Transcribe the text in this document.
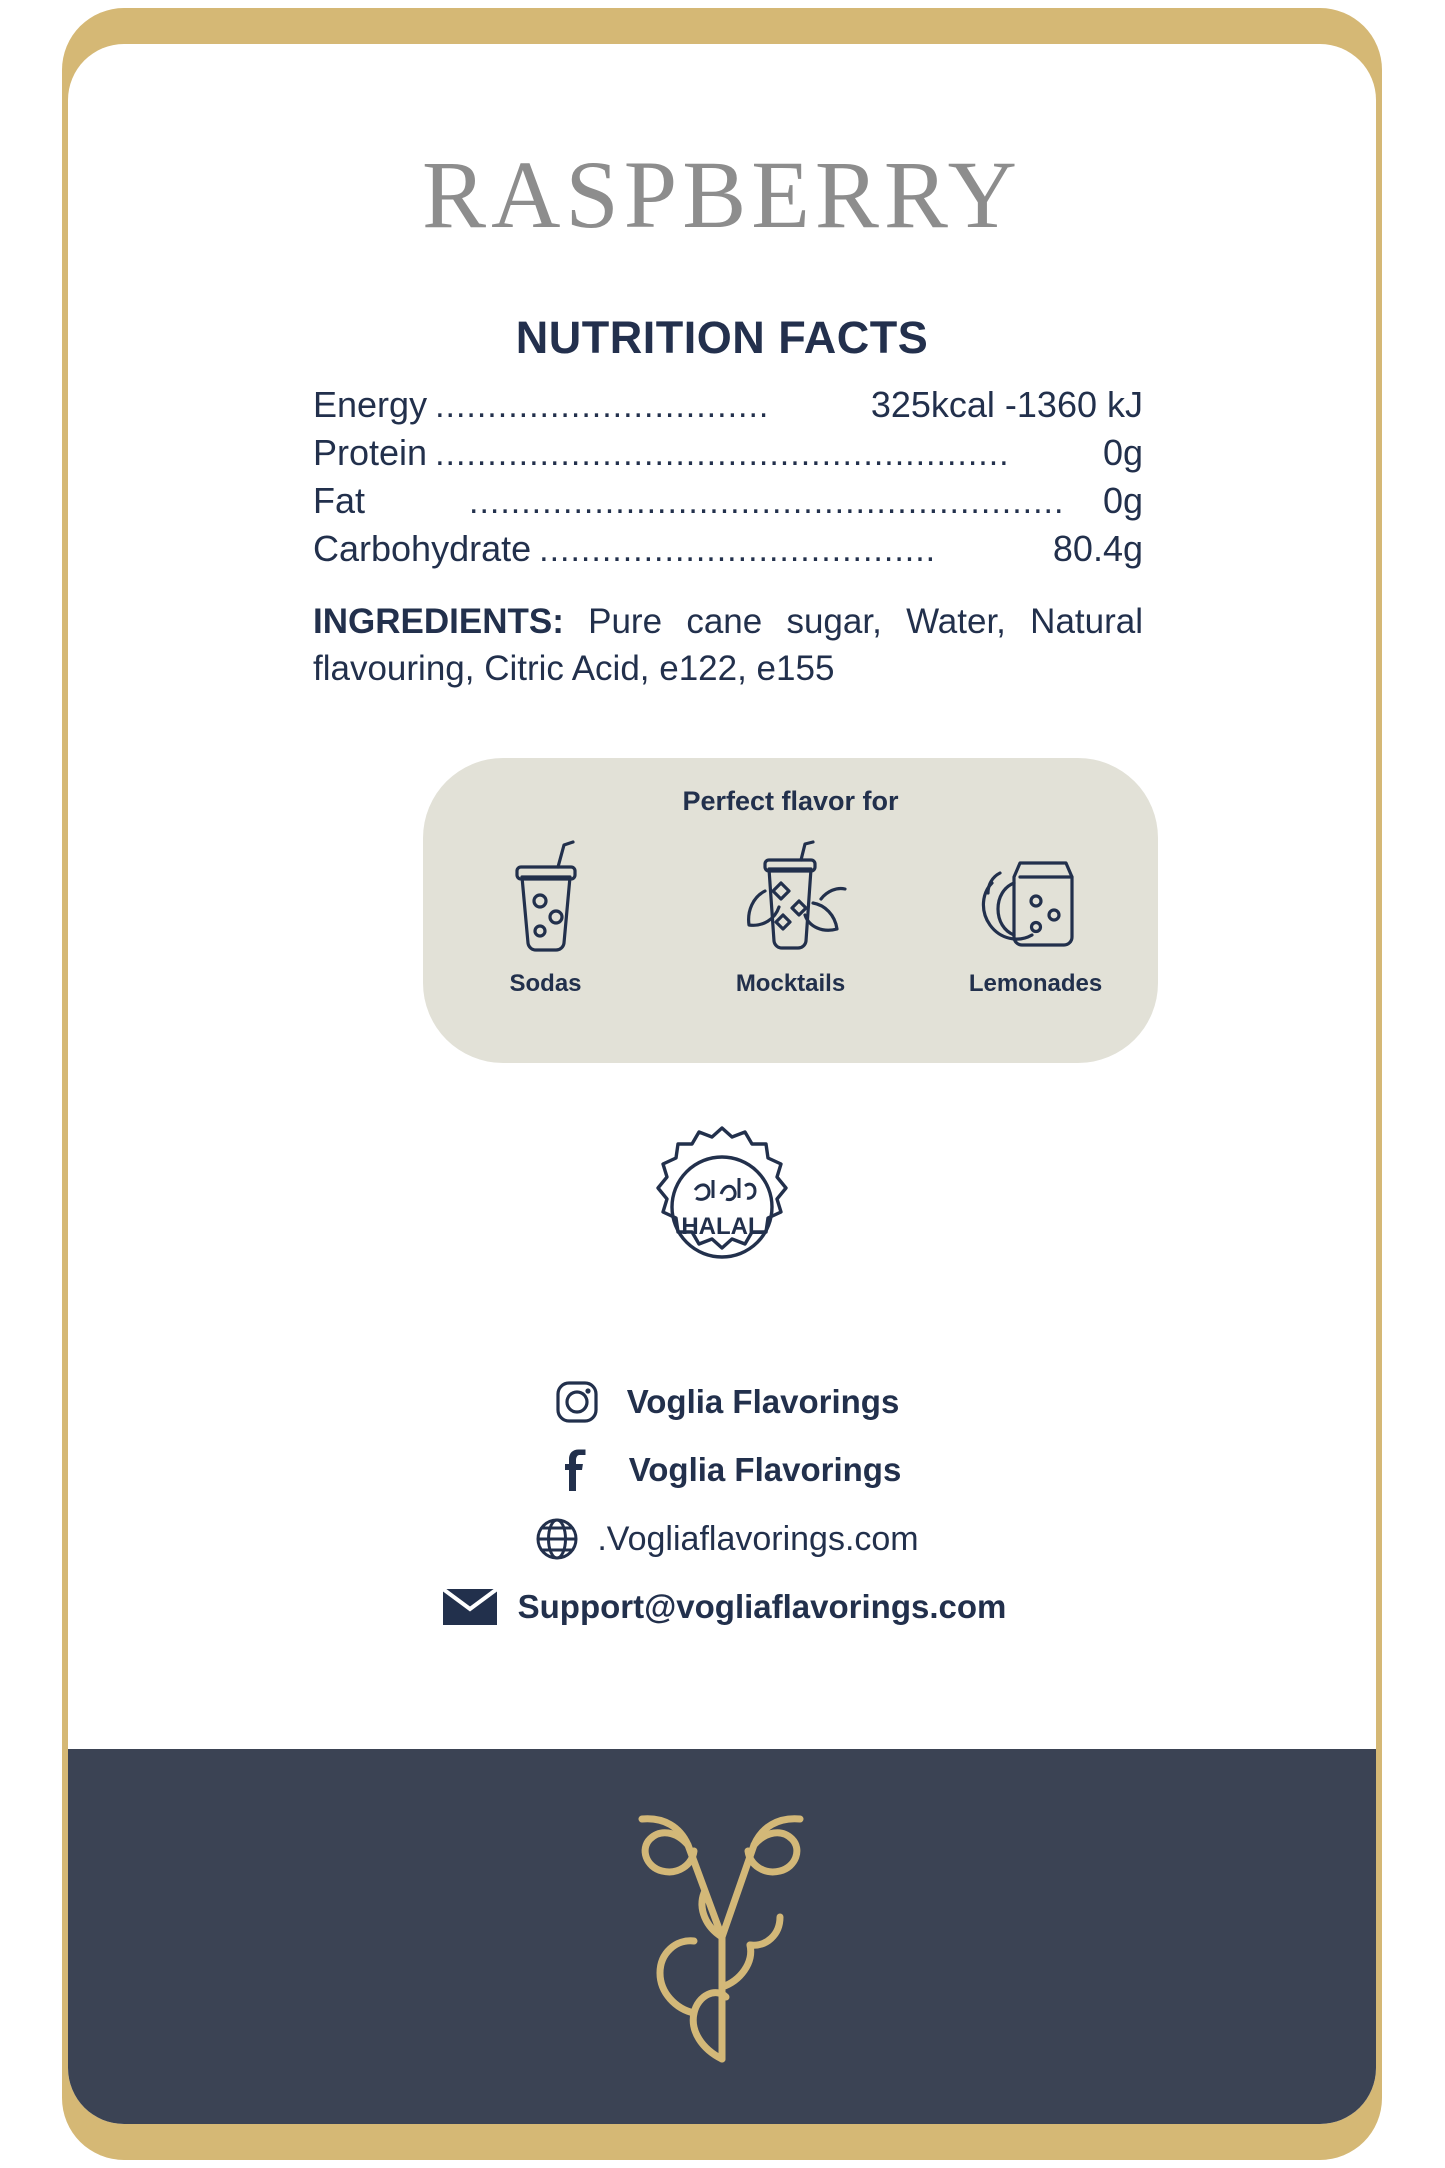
RASPBERRY
NUTRITION FACTS
Energy ................................	325kcal -1360 kJ
Protein .......................................................	0g
Fat	.........................................................	0g
Carbohydrate ......................................	80.4g
INGREDIENTS: Pure cane sugar, Water, Natural flavouring, Citric Acid, e122, e155
Perfect flavor for
Sodas	Mocktails	Lemonades
HALAL
Voglia Flavorings
Voglia Flavorings
.Vogliaflavorings.com
Support@vogliaflavorings.com
